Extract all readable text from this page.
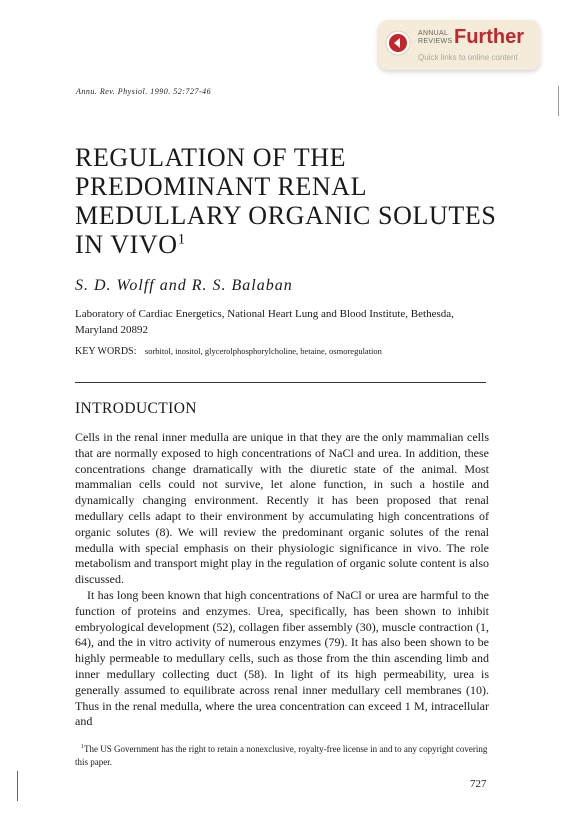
ANNUAL
REVIEWS Further
Quick links to online content
Annu. Rev. Physiol. 1990. 52:727-46
REGULATION OF THE
PREDOMINANT RENAL
MEDULLARY ORGANIC SOLUTES
IN VIVO$^1$
S. D. Wolff and R. S. Balaban
Laboratory of Cardiac Energetics, National Heart Lung and Blood Institute, Bethesda, Maryland 20892
KEY WORDS: sorbitol, inositol, glycerolphosphorylcholine, betaine, osmoregulation
INTRODUCTION

Cells in the renal inner medulla are unique in that they are the only mammalian cells that are normally exposed to high concentrations of NaCl and urea. In addition, these concentrations change dramatically with the diuretic state of the animal. Most mammalian cells could not survive, let alone function, in such a hostile and dynamically changing environment. Recently it has been proposed that renal medullary cells adapt to their environment by accumulating high concentrations of organic solutes (8). We will review the predominant organic solutes of the renal medulla with special emphasis on their physiologic significance in vivo. The role metabolism and transport might play in the regulation of organic solute content is also discussed.

It has long been known that high concentrations of NaCl or urea are harmful to the function of proteins and enzymes. Urea, specifically, has been shown to inhibit embryological development (52), collagen fiber assembly (30), muscle contraction (1, 64), and the in vitro activity of numerous enzymes (79). It has also been shown to be highly permeable to medullary cells, such as those from the thin ascending limb and inner medullary collecting duct (58). In light of its high permeability, urea is generally assumed to equilibrate across renal inner medullary cell membranes (10). Thus in the renal medulla, where the urea concentration can exceed 1 M, intracellular and

$^1$The US Government has the right to retain a nonexclusive, royalty-free license in and to any copyright covering this paper.
727
